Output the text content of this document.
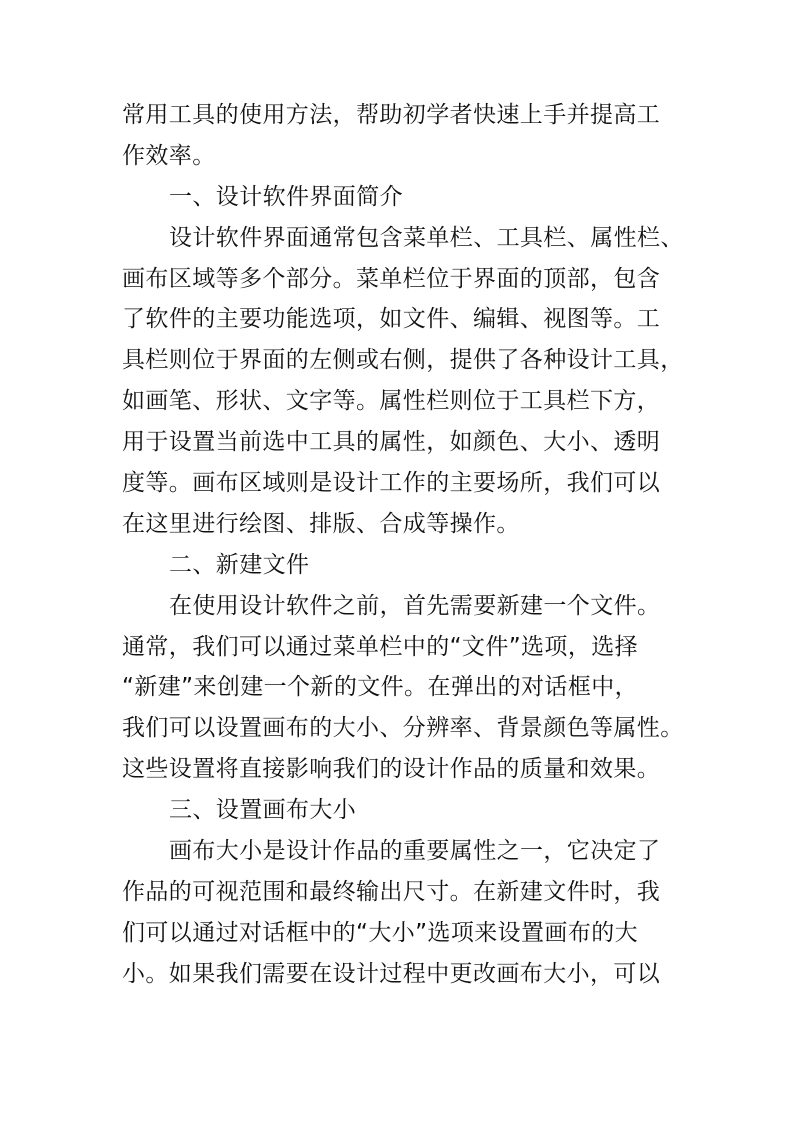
常用工具的使用方法，帮助初学者快速上手并提高工
作效率。
一、设计软件界面简介
设计软件界面通常包含菜单栏、工具栏、属性栏、
画布区域等多个部分。菜单栏位于界面的顶部，包含
了软件的主要功能选项，如文件、编辑、视图等。工
具栏则位于界面的左侧或右侧，提供了各种设计工具，
如画笔、形状、文字等。属性栏则位于工具栏下方，
用于设置当前选中工具的属性，如颜色、大小、透明
度等。画布区域则是设计工作的主要场所，我们可以
在这里进行绘图、排版、合成等操作。
二、新建文件
在使用设计软件之前，首先需要新建一个文件。
通常，我们可以通过菜单栏中的“文件”选项，选择
“新建”来创建一个新的文件。在弹出的对话框中，
我们可以设置画布的大小、分辨率、背景颜色等属性。
这些设置将直接影响我们的设计作品的质量和效果。
三、设置画布大小
画布大小是设计作品的重要属性之一，它决定了
作品的可视范围和最终输出尺寸。在新建文件时，我
们可以通过对话框中的“大小”选项来设置画布的大
小。如果我们需要在设计过程中更改画布大小，可以
